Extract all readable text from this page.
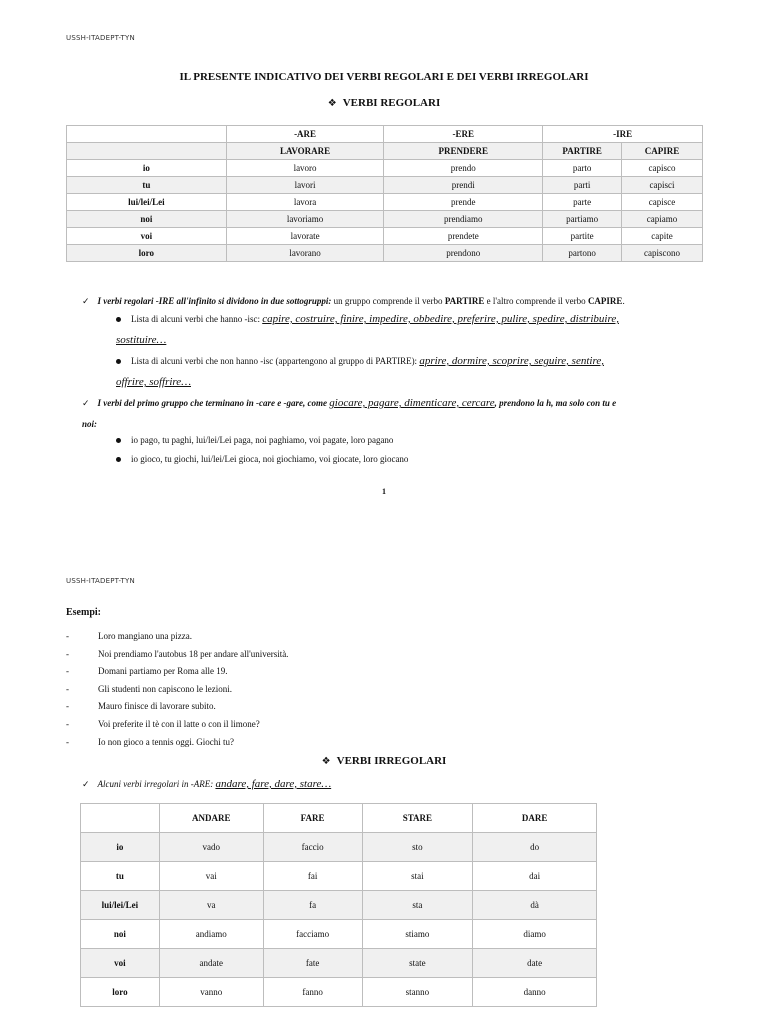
USSH-ITADEPT-TYN
IL PRESENTE INDICATIVO DEI VERBI REGOLARI E DEI VERBI IRREGOLARI
❖ VERBI REGOLARI
	-ARE	-ERE	-IRE	
	LAVORARE	PRENDERE	PARTIRE	CAPIRE
io	lavoro	prendo	parto	capisco
tu	lavori	prendi	parti	capisci
lui/lei/Lei	lavora	prende	parte	capisce
noi	lavoriamo	prendiamo	partiamo	capiamo
voi	lavorate	prendete	partite	capite
loro	lavorano	prendono	partono	capiscono
✓ I verbi regolari -IRE all'infinito si dividono in due sottogruppi: un gruppo comprende il verbo PARTIRE e l'altro comprende il verbo CAPIRE.
Lista di alcuni verbi che hanno -isc: capire, costruire, finire, impedire, obbedire, preferire, pulire, spedire, distribuire,
sostituire…
Lista di alcuni verbi che non hanno -isc (appartengono al gruppo di PARTIRE): aprire, dormire, scoprire, seguire, sentire,
offrire, soffrire…
✓ I verbi del primo gruppo che terminano in -care e -gare, come giocare, pagare, dimenticare, cercare, prendono la h, ma solo con tu e
noi:
io pago, tu paghi, lui/lei/Lei paga, noi paghiamo, voi pagate, loro pagano
io gioco, tu giochi, lui/lei/Lei gioca, noi giochiamo, voi giocate, loro giocano
1
USSH-ITADEPT-TYN
Esempi:
-	Loro mangiano una pizza.
-	Noi prendiamo l'autobus 18 per andare all'università.
-	Domani partiamo per Roma alle 19.
-	Gli studenti non capiscono le lezioni.
-	Mauro finisce di lavorare subito.
-	Voi preferite il tè con il latte o con il limone?
-	Io non gioco a tennis oggi. Giochi tu?
❖ VERBI IRREGOLARI
✓ Alcuni verbi irregolari in -ARE: andare, fare, dare, stare…
	ANDARE	FARE	STARE	DARE
io	vado	faccio	sto	do
tu	vai	fai	stai	dai
lui/lei/Lei	va	fa	sta	dà
noi	andiamo	facciamo	stiamo	diamo
voi	andate	fate	state	date
loro	vanno	fanno	stanno	danno
